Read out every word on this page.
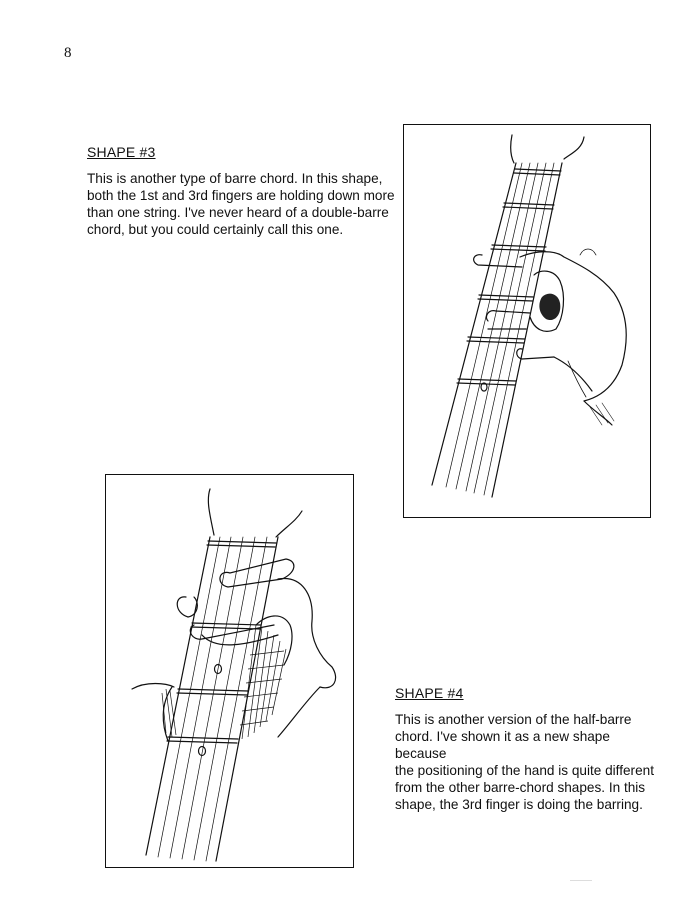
8
SHAPE #3
This is another type of barre chord. In this shape,
both the 1st and 3rd fingers are holding down more
than one string. I've never heard of a double-barre
chord, but you could certainly call this one.
SHAPE #4
This is another version of the half-barre
chord. I've shown it as a new shape because
the positioning of the hand is quite different
from the other barre-chord shapes. In this
shape, the 3rd finger is doing the barring.
